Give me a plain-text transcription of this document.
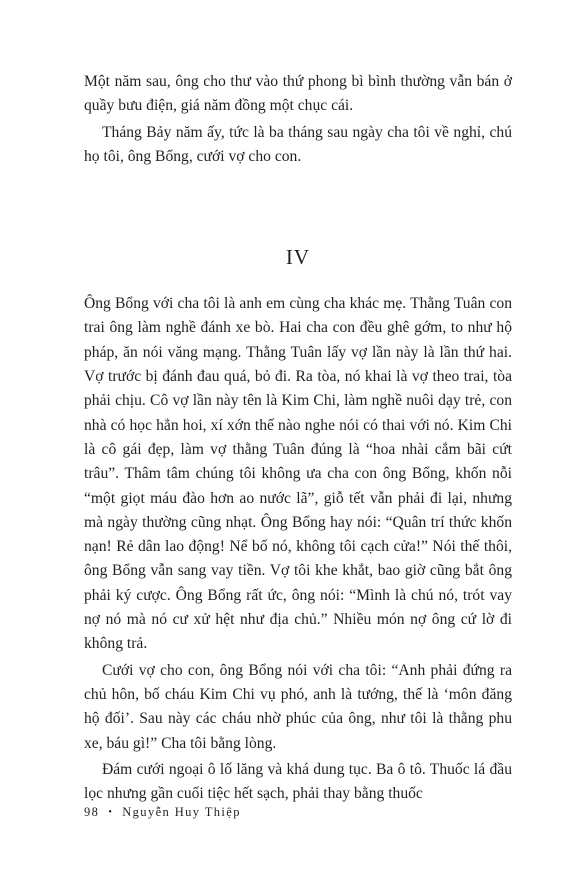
Một năm sau, ông cho thư vào thứ phong bì bình thường vẫn bán ở quầy bưu điện, giá năm đồng một chục cái.

Tháng Bảy năm ấy, tức là ba tháng sau ngày cha tôi về nghỉ, chú họ tôi, ông Bổng, cưới vợ cho con.

IV

Ông Bổng với cha tôi là anh em cùng cha khác mẹ. Thằng Tuân con trai ông làm nghề đánh xe bò. Hai cha con đều ghê gớm, to như hộ pháp, ăn nói văng mạng. Thằng Tuân lấy vợ lần này là lần thứ hai. Vợ trước bị đánh đau quá, bỏ đi. Ra tòa, nó khai là vợ theo trai, tòa phải chịu. Cô vợ lần này tên là Kim Chi, làm nghề nuôi dạy trẻ, con nhà có học hẳn hoi, xí xớn thế nào nghe nói có thai với nó. Kim Chi là cô gái đẹp, làm vợ thằng Tuân đúng là “hoa nhài cắm bãi cứt trâu”. Thâm tâm chúng tôi không ưa cha con ông Bổng, khốn nỗi “một giọt máu đào hơn ao nước lã”, giỗ tết vẫn phải đi lại, nhưng mà ngày thường cũng nhạt. Ông Bổng hay nói: “Quân trí thức khốn nạn! Rẻ dân lao động! Nể bố nó, không tôi cạch cửa!” Nói thế thôi, ông Bổng vẫn sang vay tiền. Vợ tôi khe khắt, bao giờ cũng bắt ông phải ký cược. Ông Bổng rất ức, ông nói: “Mình là chú nó, trót vay nợ nó mà nó cư xử hệt như địa chủ.” Nhiều món nợ ông cứ lờ đi không trả.

Cưới vợ cho con, ông Bổng nói với cha tôi: “Anh phải đứng ra chủ hôn, bố cháu Kim Chi vụ phó, anh là tướng, thế là ‘môn đăng hộ đối’. Sau này các cháu nhờ phúc của ông, như tôi là thằng phu xe, báu gì!” Cha tôi bằng lòng.

Đám cưới ngoại ô lố lăng và khá dung tục. Ba ô tô. Thuốc lá đầu lọc nhưng gần cuối tiệc hết sạch, phải thay bằng thuốc

98 • Nguyễn Huy Thiệp
